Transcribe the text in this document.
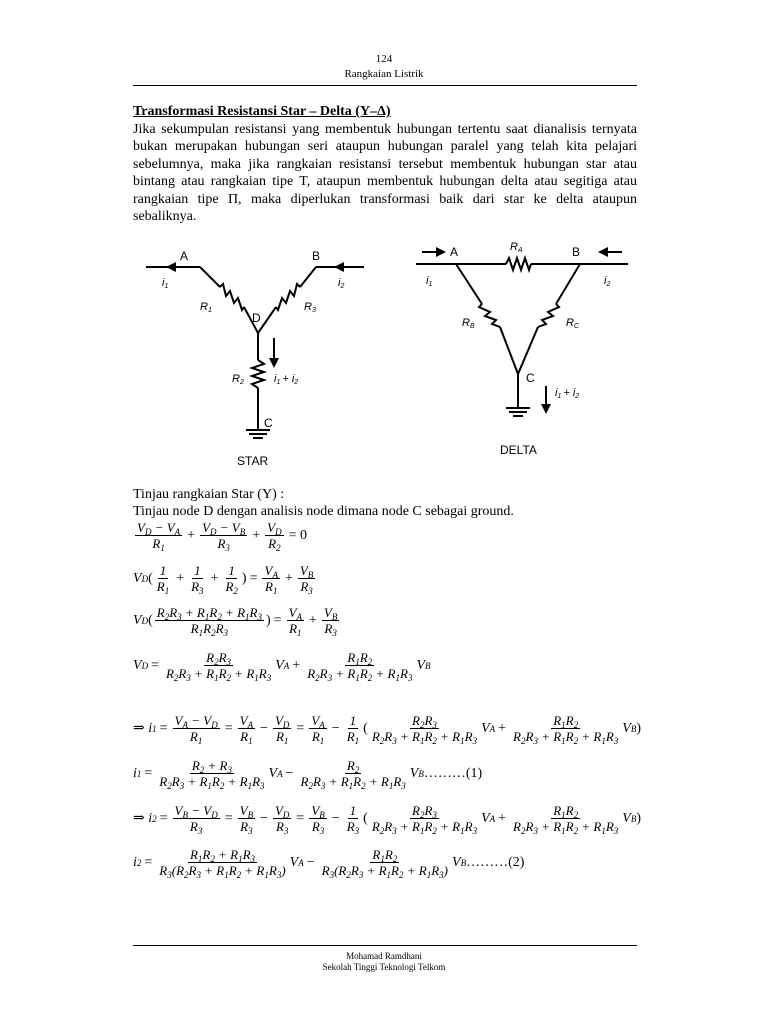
124
Rangkaian Listrik
Transformasi Resistansi Star – Delta (Y–Δ)

Jika sekumpulan resistansi yang membentuk hubungan tertentu saat dianalisis ternyata bukan merupakan hubungan seri ataupun hubungan paralel yang telah kita pelajari sebelumnya, maka jika rangkaian resistansi tersebut membentuk hubungan star atau bintang atau rangkaian tipe T, ataupun membentuk hubungan delta atau segitiga atau rangkaian tipe Π, maka diperlukan transformasi baik dari star ke delta ataupun sebaliknya.

A	B
D
C
STAR
i1	i2
R1	R3
R2	i1 + i2
A	B
C
DELTA
RA
i1	i2
RB	RC
i1 + i2
Tinjau rangkaian Star (Y) :
Tinjau node D dengan analisis node dimana node C sebagai ground.
$\frac{V_D - V_A}{R_1} + \frac{V_D - V_B}{R_3} + \frac{V_D}{R_2} = 0$
V D ( $\frac{1}{R_1} + \frac{1}{R_3} + \frac{1}{R_2}$ ) = $\frac{V_A}{R_1} + \frac{V_B}{R_3}$
V D ( $\frac{R_2R_3 + R_1R_2 + R_1R_3}{R_1R_2R_3}$ ) = $\frac{V_A}{R_1} + \frac{V_B}{R_3}$
V $D = \frac{R_2R_3}{R_2R_3 + R_1R_2 + R_1R_3}$ V $A + \frac{R_1R_2}{R_2R_3 + R_1R_2 + R_1R_3}$ V B
⇒ i $1 = \frac{V_A - V_D}{R_1} = \frac{V_A}{R_1} - \frac{V_D}{R_1} = \frac{V_A}{R_1} - \frac{1}{R_1}$ ( $\frac{R_2R_3}{R_2R_3 + R_1R_2 + R_1R_3}$ V $A + \frac{R_1R_2}{R_2R_3 + R_1R_2 + R_1R_3}$ V B )
i $1 = \frac{R_2 + R_3}{R_2R_3 + R_1R_2 + R_1R_3}$ V $A - \frac{R_2}{R_2R_3 + R_1R_2 + R_1R_3}$ V B ………(1)
⇒ i $2 = \frac{V_B - V_D}{R_3} = \frac{V_B}{R_3} - \frac{V_D}{R_3} = \frac{V_B}{R_3} - \frac{1}{R_3}$ ( $\frac{R_2R_3}{R_2R_3 + R_1R_2 + R_1R_3}$ V $A + \frac{R_1R_2}{R_2R_3 + R_1R_2 + R_1R_3}$ V B )
i $2 = \frac{R_1R_2 + R_1R_3}{R_3(R_2R_3 + R_1R_2 + R_1R_3)}$ V $A - \frac{R_1R_2}{R_3(R_2R_3 + R_1R_2 + R_1R_3)}$ V B ………(2)
Mohamad Ramdhani
Sekolah Tinggi Teknologi Telkom
